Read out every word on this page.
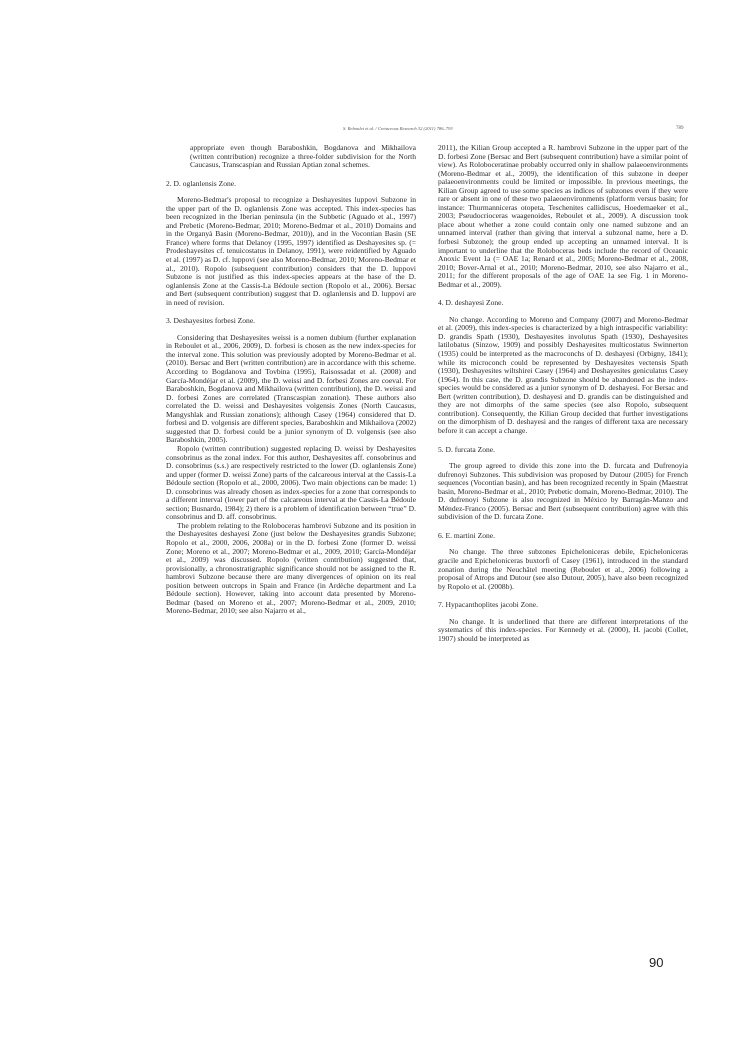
S. Reboulet et al. / Cretaceous Research 32 (2011) 786–793	789

appropriate even though Baraboshkin, Bogdanova and Mikhailova (written contribution) recognize a three-folder subdivision for the North Caucasus, Transcaspian and Russian Aptian zonal schemes.

2. D. oglanlensis Zone.

Moreno-Bedmar's proposal to recognize a Deshayesites luppovi Subzone in the upper part of the D. oglanlensis Zone was accepted. This index-species has been recognized in the Iberian peninsula (in the Subbetic (Aguado et al., 1997) and Prebetic (Moreno-Bedmar, 2010; Moreno-Bedmar et al., 2010) Domains and in the Organyà Basin (Moreno-Bedmar, 2010)), and in the Vocontian Basin (SE France) where forms that Delanoy (1995, 1997) identified as Deshayesites sp. (= Prodeshayesites cf. tenuicostatus in Delanoy, 1991), were reidentified by Aguado et al. (1997) as D. cf. luppovi (see also Moreno-Bedmar, 2010; Moreno-Bedmar et al., 2010). Ropolo (subsequent contribution) considers that the D. luppovi Subzone is not justified as this index-species appears at the base of the D. oglanlensis Zone at the Cassis-La Bédoule section (Ropolo et al., 2006). Bersac and Bert (subsequent contribution) suggest that D. oglanlensis and D. luppovi are in need of revision.

3. Deshayesites forbesi Zone.

Considering that Deshayesites weissi is a nomen dubium (further explanation in Reboulet et al., 2006, 2009), D. forbesi is chosen as the new index-species for the interval zone. This solution was previously adopted by Moreno-Bedmar et al. (2010). Bersac and Bert (written contribution) are in accordance with this scheme. According to Bogdanova and Tovbina (1995), Raisossadat et al. (2008) and García-Mondéjar et al. (2009), the D. weissi and D. forbesi Zones are coeval. For Baraboshkin, Bogdanova and Mikhailova (written contribution), the D. weissi and D. forbesi Zones are correlated (Transcaspian zonation). These authors also correlated the D. weissi and Deshayesites volgensis Zones (North Caucasus, Mangyshlak and Russian zonations); although Casey (1964) considered that D. forbesi and D. volgensis are different species, Baraboshkin and Mikhailova (2002) suggested that D. forbesi could be a junior synonym of D. volgensis (see also Baraboshkin, 2005).

Ropolo (written contribution) suggested replacing D. weissi by Deshayesites consobrinus as the zonal index. For this author, Deshayesites aff. consobrinus and D. consobrinus (s.s.) are respectively restricted to the lower (D. oglanlensis Zone) and upper (former D. weissi Zone) parts of the calcareous interval at the Cassis-La Bédoule section (Ropolo et al., 2000, 2006). Two main objections can be made: 1) D. consobrinus was already chosen as index-species for a zone that corresponds to a different interval (lower part of the calcareous interval at the Cassis-La Bédoule section; Busnardo, 1984); 2) there is a problem of identification between “true” D. consobrinus and D. aff. consobrinus.

The problem relating to the Roloboceras hambrovi Subzone and its position in the Deshayesites deshayesi Zone (just below the Deshayesites grandis Subzone; Ropolo et al., 2000, 2006, 2008a) or in the D. forbesi Zone (former D. weissi Zone; Moreno et al., 2007; Moreno-Bedmar et al., 2009, 2010; García-Mondéjar et al., 2009) was discussed. Ropolo (written contribution) suggested that, provisionally, a chronostratigraphic significance should not be assigned to the R. hambrovi Subzone because there are many divergences of opinion on its real position between outcrops in Spain and France (in Ardèche department and La Bédoule section). However, taking into account data presented by Moreno-Bedmar (based on Moreno et al., 2007; Moreno-Bedmar et al., 2009, 2010; Moreno-Bedmar, 2010; see also Najarro et al.,

2011), the Kilian Group accepted a R. hambrovi Subzone in the upper part of the D. forbesi Zone (Bersac and Bert (subsequent contribution) have a similar point of view). As Roloboceratinae probably occurred only in shallow palaeoenvironments (Moreno-Bedmar et al., 2009), the identification of this subzone in deeper palaeoenvironments could be limited or impossible. In previous meetings, the Kilian Group agreed to use some species as indices of subzones even if they were rare or absent in one of these two palaeoenvironments (platform versus basin; for instance: Thurmanniceras otopeta, Teschenites callidiscus, Hoedemaeker et al., 2003; Pseudocrioceras waagenoides, Reboulet et al., 2009). A discussion took place about whether a zone could contain only one named subzone and an unnamed interval (rather than giving that interval a subzonal name, here a D. forbesi Subzone); the group ended up accepting an unnamed interval. It is important to underline that the Roloboceras beds include the record of Oceanic Anoxic Event 1a (= OAE 1a; Renard et al., 2005; Moreno-Bedmar et al., 2008, 2010; Bover-Arnal et al., 2010; Moreno-Bedmar, 2010, see also Najarro et al., 2011; for the different proposals of the age of OAE 1a see Fig. 1 in Moreno-Bedmar et al., 2009).

4. D. deshayesi Zone.

No change. According to Moreno and Company (2007) and Moreno-Bedmar et al. (2009), this index-species is characterized by a high intraspecific variability: D. grandis Spath (1930), Deshayesites involutus Spath (1930), Deshayesites latilobatus (Sinzow, 1909) and possibly Deshayesites multicostatus Swinnerton (1935) could be interpreted as the macroconchs of D. deshayesi (Orbigny, 1841); while its microconch could be represented by Deshayesites vectensis Spath (1930), Deshayesites wiltshirei Casey (1964) and Deshayesites geniculatus Casey (1964). In this case, the D. grandis Subzone should be abandoned as the index-species would be considered as a junior synonym of D. deshayesi. For Bersac and Bert (written contribution), D. deshayesi and D. grandis can be distinguished and they are not dimorphs of the same species (see also Ropolo, subsequent contribution). Consequently, the Kilian Group decided that further investigations on the dimorphism of D. deshayesi and the ranges of different taxa are necessary before it can accept a change.

5. D. furcata Zone.

The group agreed to divide this zone into the D. furcata and Dufrenoyia dufrenoyi Subzones. This subdivision was proposed by Dutour (2005) for French sequences (Vocontian basin), and has been recognized recently in Spain (Maestrat basin, Moreno-Bedmar et al., 2010; Prebetic domain, Moreno-Bedmar, 2010). The D. dufrenoyi Subzone is also recognized in México by Barragán-Manzo and Méndez-Franco (2005). Bersac and Bert (subsequent contribution) agree with this subdivision of the D. furcata Zone.

6. E. martini Zone.

No change. The three subzones Epicheloniceras debile, Epicheloniceras gracile and Epicheloniceras buxtorfi of Casey (1961), introduced in the standard zonation during the Neuchâtel meeting (Reboulet et al., 2006) following a proposal of Atrops and Dutour (see also Dutour, 2005), have also been recognized by Ropolo et al. (2008b).

7. Hypacanthoplites jacobi Zone.

No change. It is underlined that there are different interpretations of the systematics of this index-species. For Kennedy et al. (2000), H. jacobi (Collet, 1907) should be interpreted as

90
